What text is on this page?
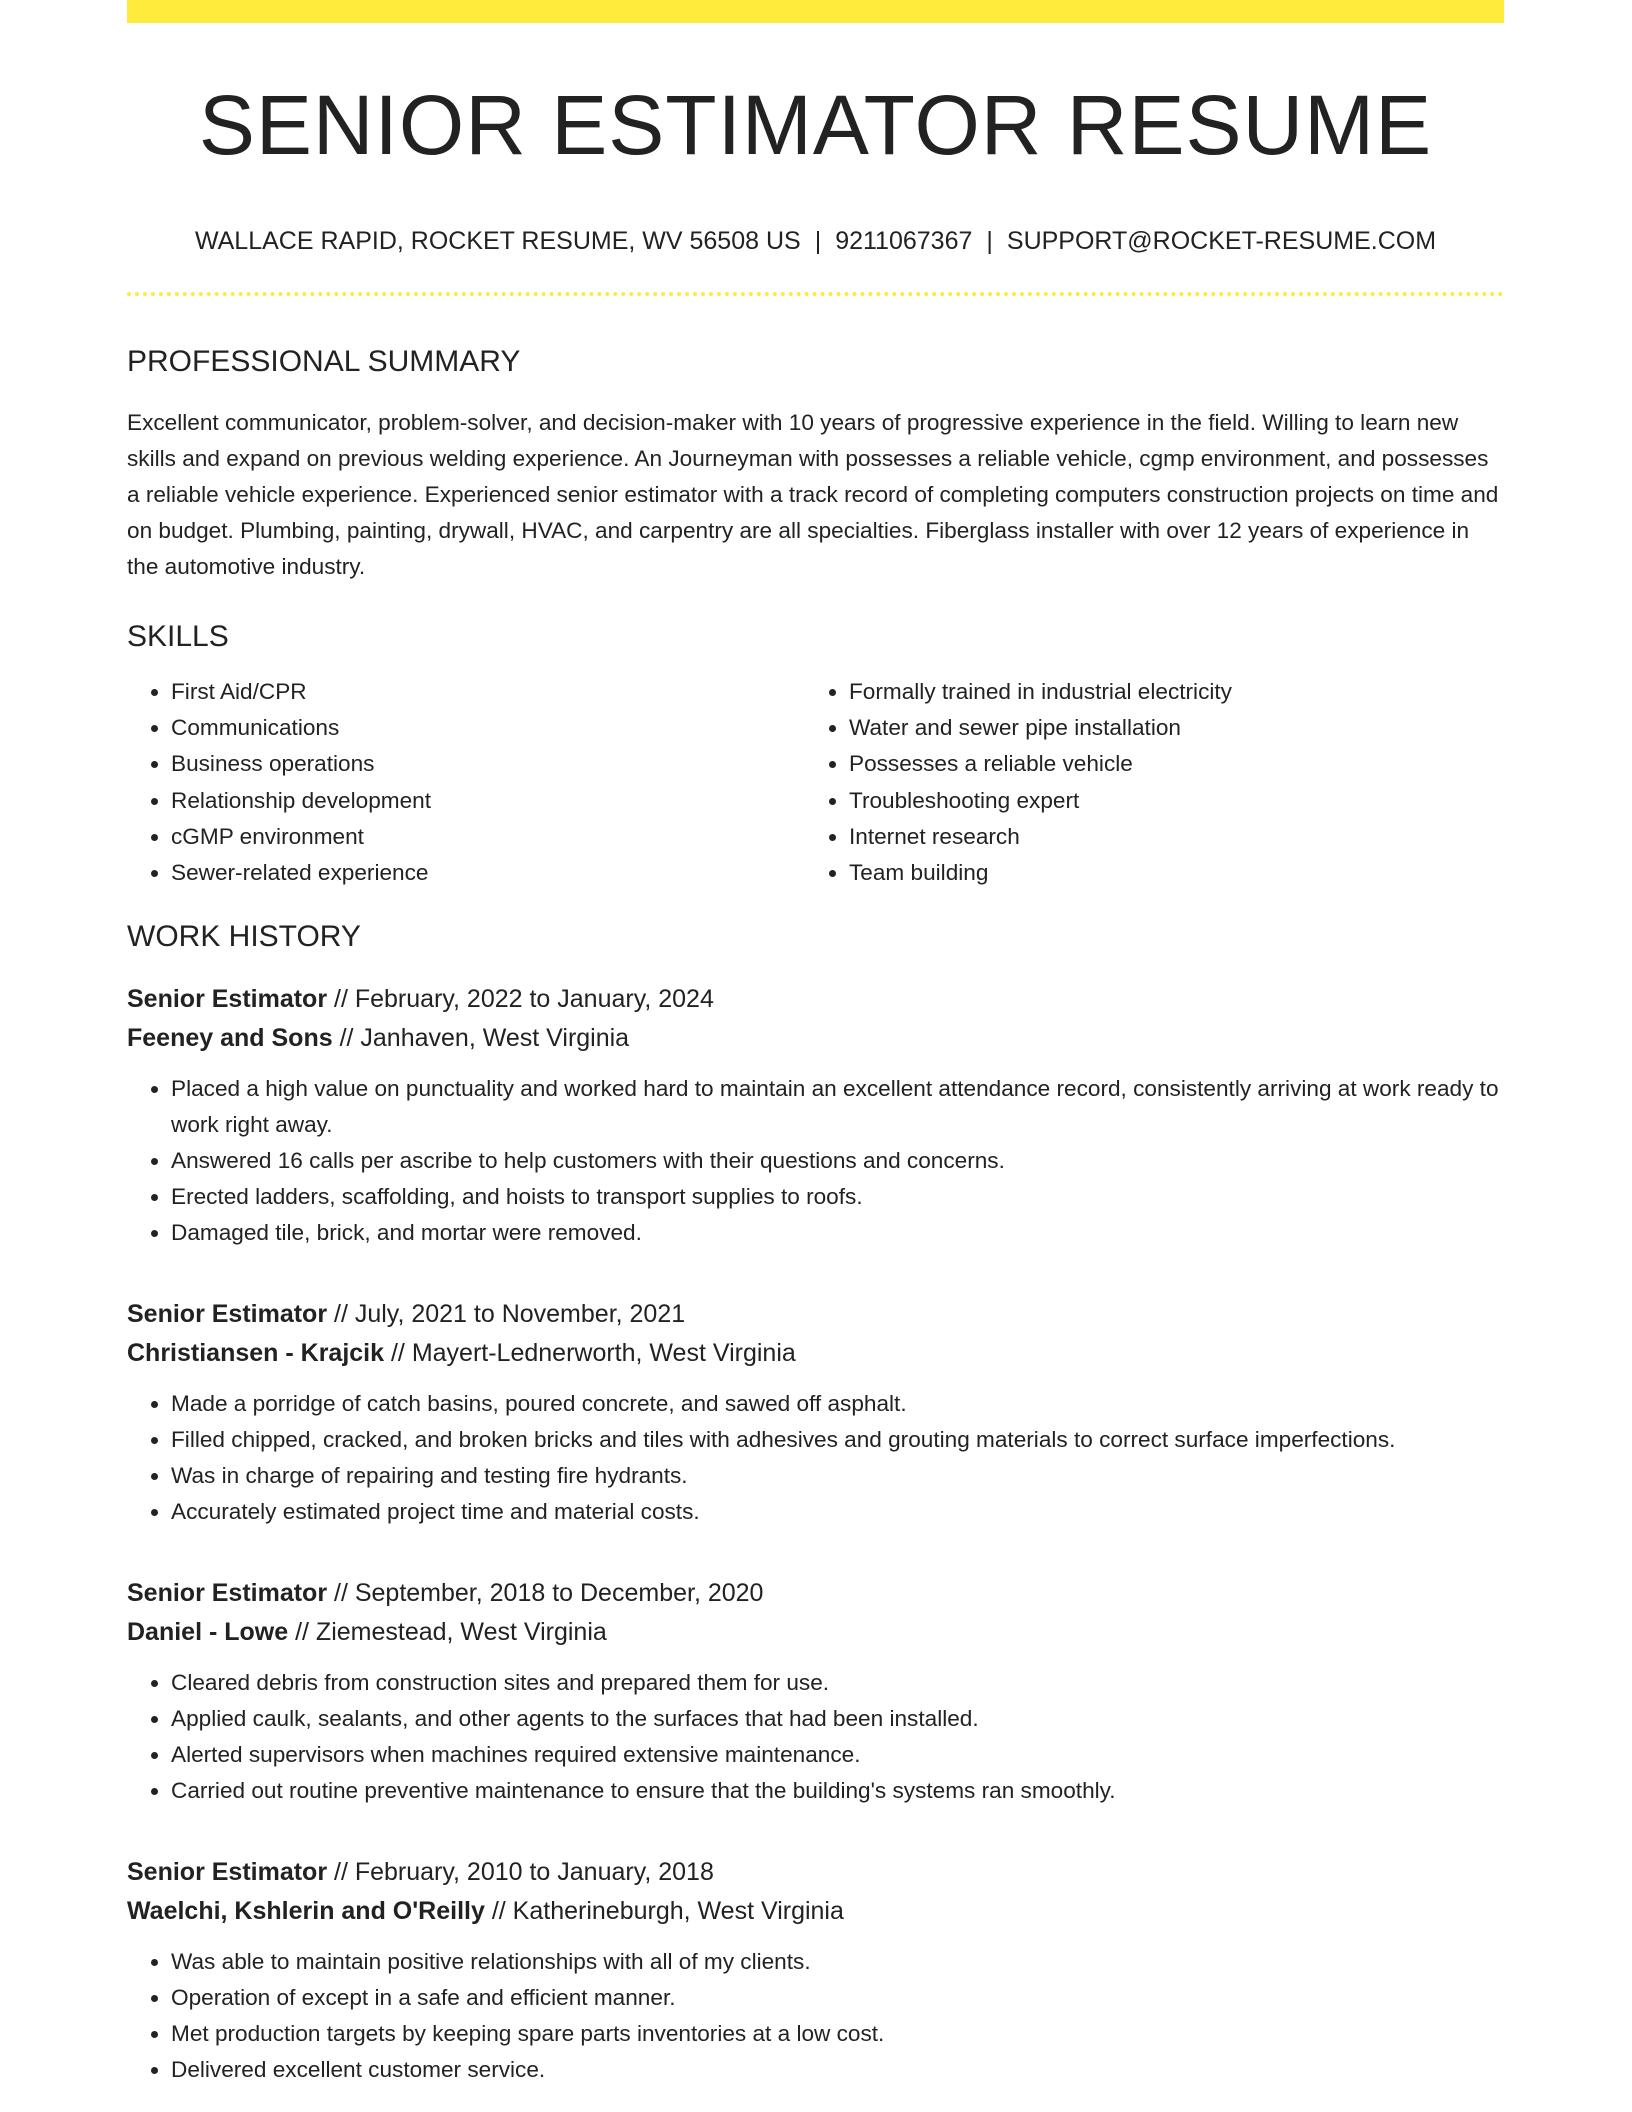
SENIOR ESTIMATOR RESUME
WALLACE RAPID, ROCKET RESUME, WV 56508 US | 9211067367 | SUPPORT@ROCKET-RESUME.COM
PROFESSIONAL SUMMARY

Excellent communicator, problem-solver, and decision-maker with 10 years of progressive experience in the field. Willing to learn new skills and expand on previous welding experience. An Journeyman with possesses a reliable vehicle, cgmp environment, and possesses a reliable vehicle experience. Experienced senior estimator with a track record of completing computers construction projects on time and on budget. Plumbing, painting, drywall, HVAC, and carpentry are all specialties. Fiberglass installer with over 12 years of experience in the automotive industry.

SKILLS
• First Aid/CPR
• Communications
• Business operations
• Relationship development
• cGMP environment
• Sewer-related experience
• Formally trained in industrial electricity
• Water and sewer pipe installation
• Possesses a reliable vehicle
• Troubleshooting expert
• Internet research
• Team building
WORK HISTORY
Senior Estimator // February, 2022 to January, 2024
Feeney and Sons // Janhaven, West Virginia
• Placed a high value on punctuality and worked hard to maintain an excellent attendance record, consistently arriving at work ready to work right away.
• Answered 16 calls per ascribe to help customers with their questions and concerns.
• Erected ladders, scaffolding, and hoists to transport supplies to roofs.
• Damaged tile, brick, and mortar were removed.
Senior Estimator // July, 2021 to November, 2021
Christiansen - Krajcik // Mayert-Lednerworth, West Virginia
• Made a porridge of catch basins, poured concrete, and sawed off asphalt.
• Filled chipped, cracked, and broken bricks and tiles with adhesives and grouting materials to correct surface imperfections.
• Was in charge of repairing and testing fire hydrants.
• Accurately estimated project time and material costs.
Senior Estimator // September, 2018 to December, 2020
Daniel - Lowe // Ziemestead, West Virginia
• Cleared debris from construction sites and prepared them for use.
• Applied caulk, sealants, and other agents to the surfaces that had been installed.
• Alerted supervisors when machines required extensive maintenance.
• Carried out routine preventive maintenance to ensure that the building's systems ran smoothly.
Senior Estimator // February, 2010 to January, 2018
Waelchi, Kshlerin and O'Reilly // Katherineburgh, West Virginia
• Was able to maintain positive relationships with all of my clients.
• Operation of except in a safe and efficient manner.
• Met production targets by keeping spare parts inventories at a low cost.
• Delivered excellent customer service.
